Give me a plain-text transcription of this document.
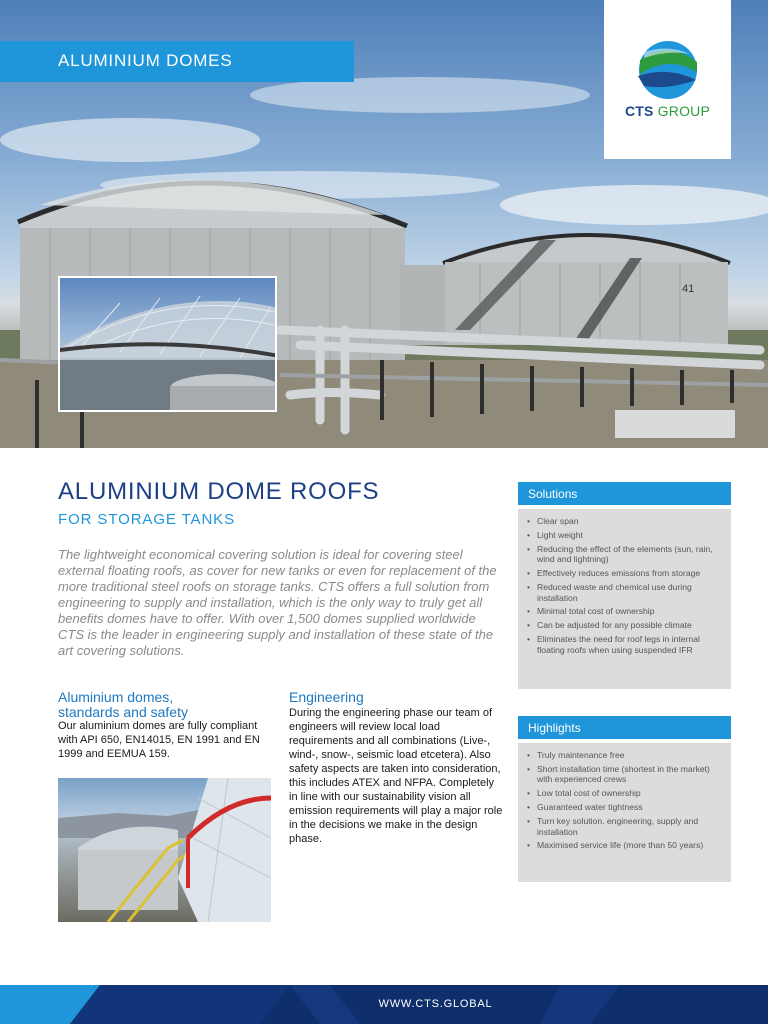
41
ALUMINIUM DOMES
CTS GROUP
ALUMINIUM DOME ROOFS
FOR STORAGE TANKS

The lightweight economical covering solution is ideal for covering steel external floating roofs, as cover for new tanks or even for replacement of the more traditional steel roofs on storage tanks. CTS offers a full solution from engineering to supply and installation, which is the only way to truly get all benefits domes have to offer. With over 1,500 domes supplied worldwide CTS is the leader in engineering supply and installation of these state of the art covering solutions.

Aluminium domes,
standards and safety

Our aluminium domes are fully compliant with API 650, EN14015, EN 1991 and EN 1999 and EEMUA 159.

Engineering

During the engineering phase our team of engineers will review local load requirements and all combinations (Live-, wind-, snow-, seismic load etcetera). Also safety aspects are taken into consideration, this includes ATEX and NFPA. Completely in line with our sustainability vision all emission requirements will play a major role in the decisions we make in the design phase.

Solutions
• Clear span
• Light weight
• Reducing the effect of the elements (sun, rain, wind and lightning)
• Effectively reduces emissions from storage
• Reduced waste and chemical use during installation
• Minimal total cost of ownership
• Can be adjusted for any possible climate
• Eliminates the need for roof legs in internal floating roofs when using suspended IFR
Highlights
• Truly maintenance free
• Short installation time (shortest in the market) with experienced crews
• Low total cost of ownership
• Guaranteed water tightness
• Turn key solution. engineering, supply and installation
• Maximised service life (more than 50 years)
WWW.CTS.GLOBAL
